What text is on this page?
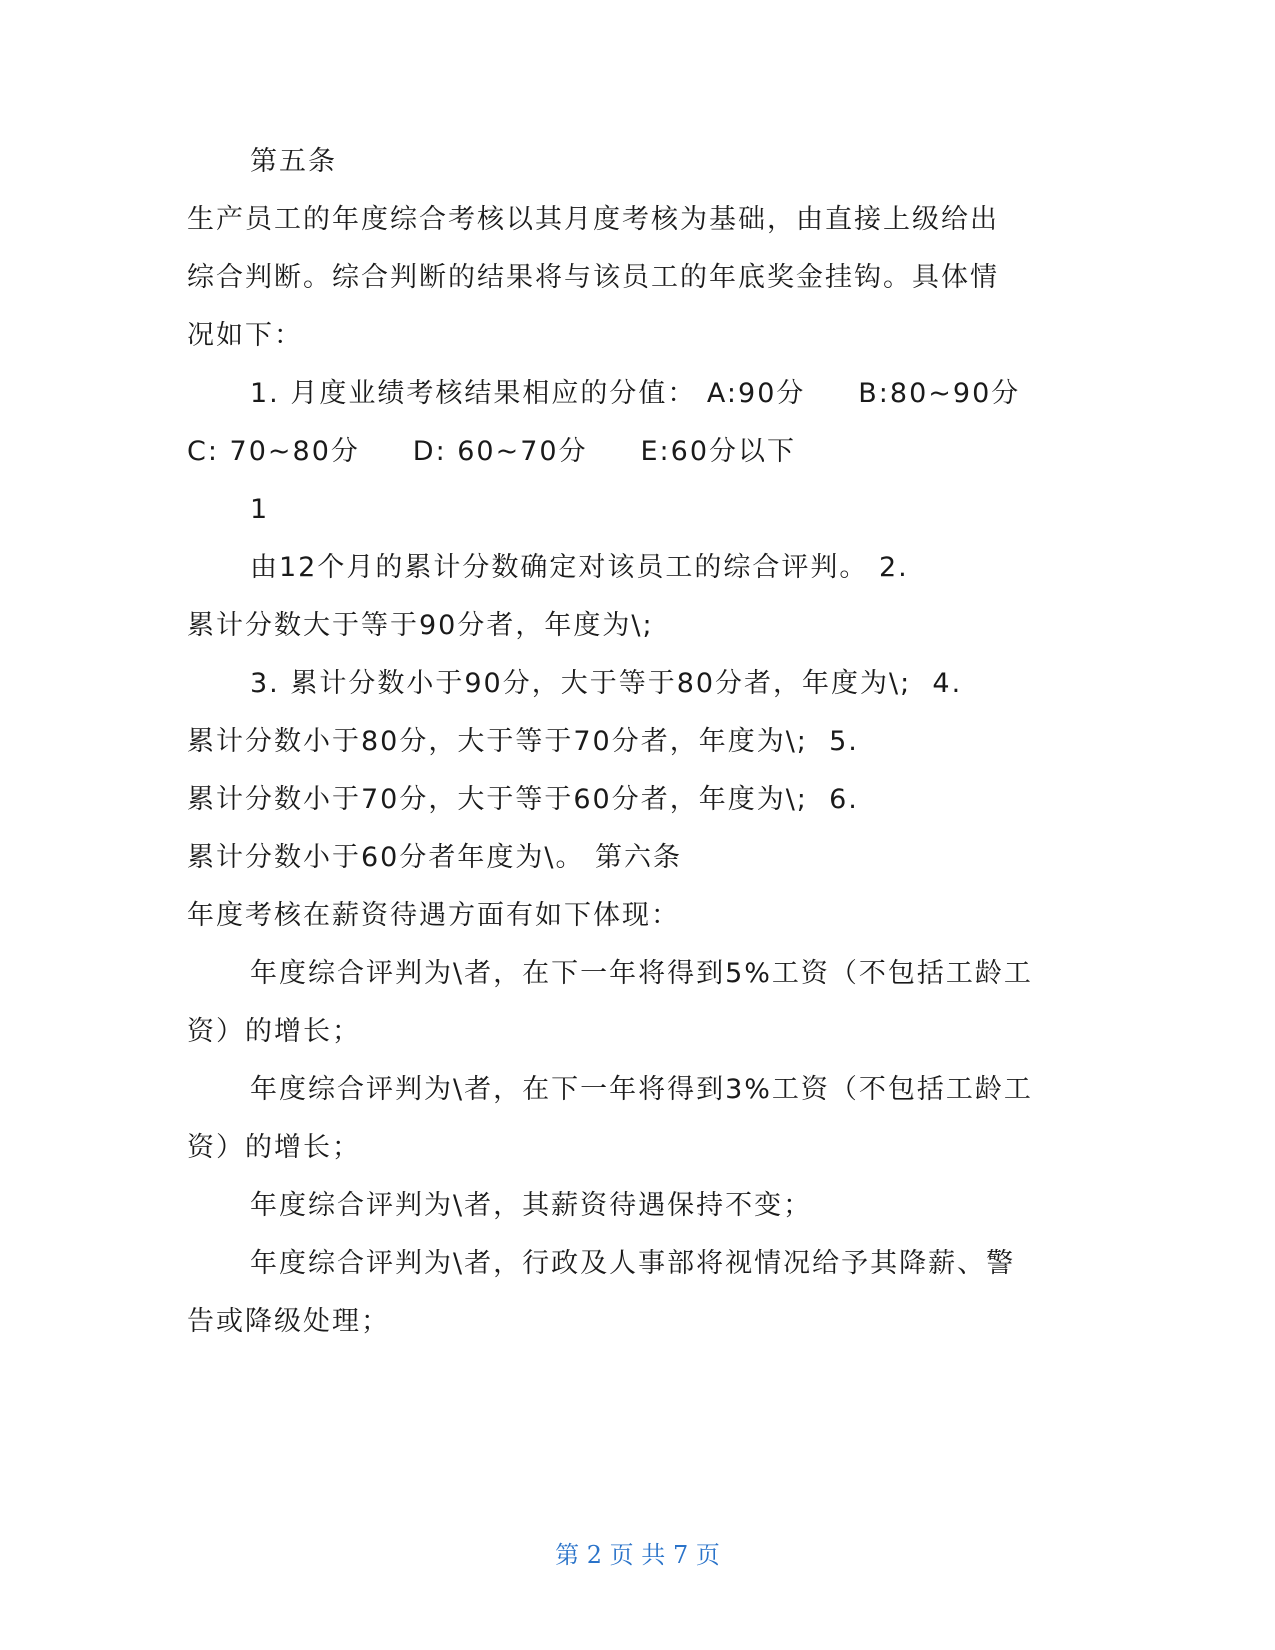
第五条
生产员工的年度综合考核以其月度考核为基础，由直接上级给出
综合判断。综合判断的结果将与该员工的年底奖金挂钩。具体情
况如下：
1. 月度业绩考核结果相应的分值： A:90分     B:80~90分
C: 70~80分     D: 60~70分     E:60分以下
1
由12个月的累计分数确定对该员工的综合评判。 2.
累计分数大于等于90分者，年度为\;
3. 累计分数小于90分，大于等于80分者，年度为\;  4.
累计分数小于80分，大于等于70分者，年度为\;  5.
累计分数小于70分，大于等于60分者，年度为\;  6.
累计分数小于60分者年度为\。 第六条
年度考核在薪资待遇方面有如下体现：
年度综合评判为\者，在下一年将得到5%工资（不包括工龄工
资）的增长；
年度综合评判为\者，在下一年将得到3%工资（不包括工龄工
资）的增长；
年度综合评判为\者，其薪资待遇保持不变；
年度综合评判为\者，行政及人事部将视情况给予其降薪、警
告或降级处理；
第 2 页 共 7 页
